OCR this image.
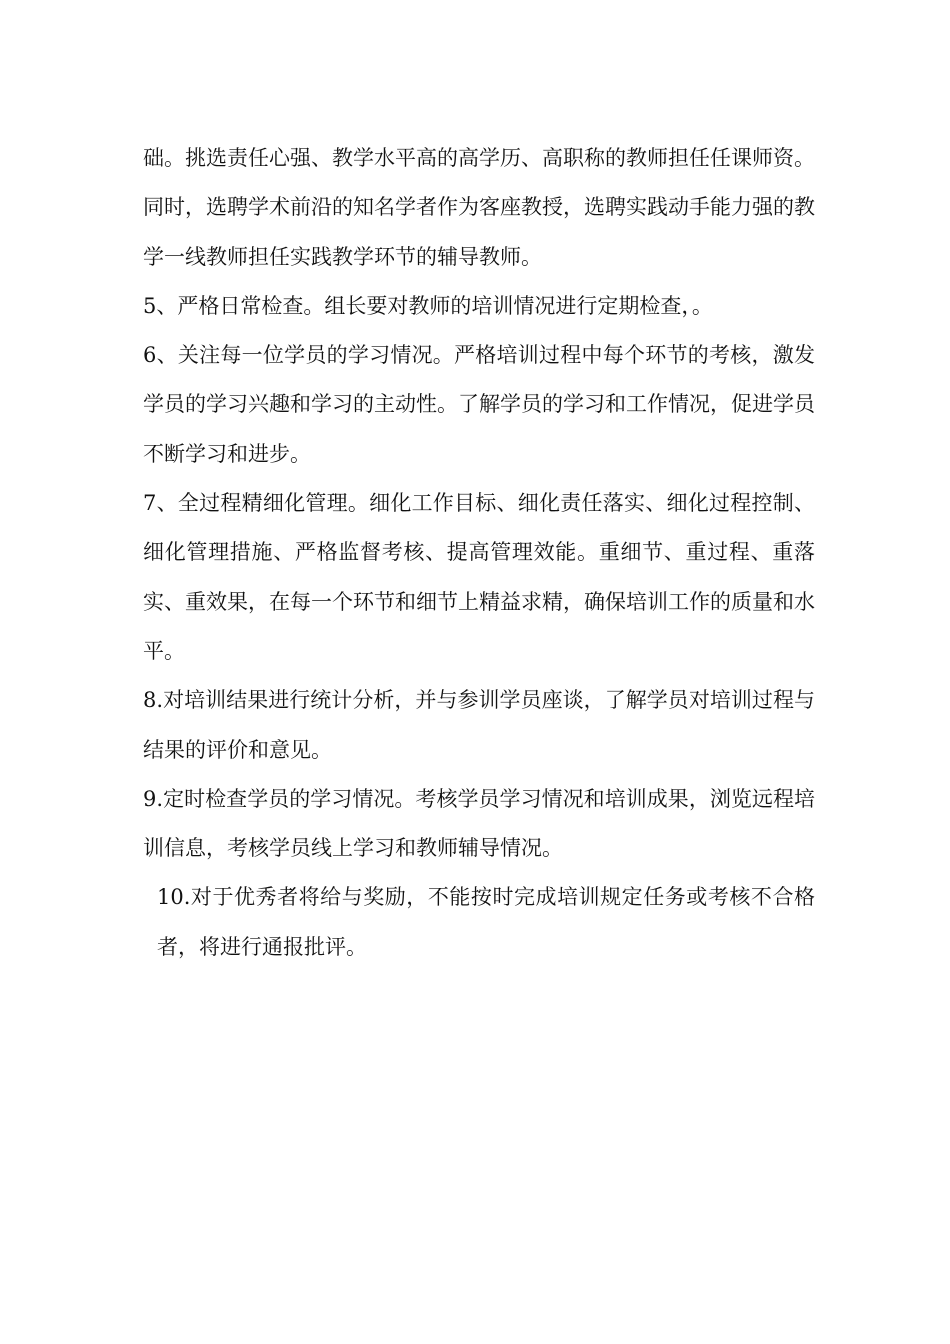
础。挑选责任心强、教学水平高的高学历、高职称的教师担任任课师资。同时，选聘学术前沿的知名学者作为客座教授，选聘实践动手能力强的教学一线教师担任实践教学环节的辅导教师。

5、严格日常检查。组长要对教师的培训情况进行定期检查，。

6、关注每一位学员的学习情况。严格培训过程中每个环节的考核，激发学员的学习兴趣和学习的主动性。了解学员的学习和工作情况，促进学员不断学习和进步。

7、全过程精细化管理。细化工作目标、细化责任落实、细化过程控制、细化管理措施、严格监督考核、提高管理效能。重细节、重过程、重落实、重效果，在每一个环节和细节上精益求精，确保培训工作的质量和水平。

8.对培训结果进行统计分析，并与参训学员座谈，了解学员对培训过程与结果的评价和意见。

9.定时检查学员的学习情况。考核学员学习情况和培训成果，浏览远程培训信息，考核学员线上学习和教师辅导情况。

10.对于优秀者将给与奖励，不能按时完成培训规定任务或考核不合格者，将进行通报批评。
